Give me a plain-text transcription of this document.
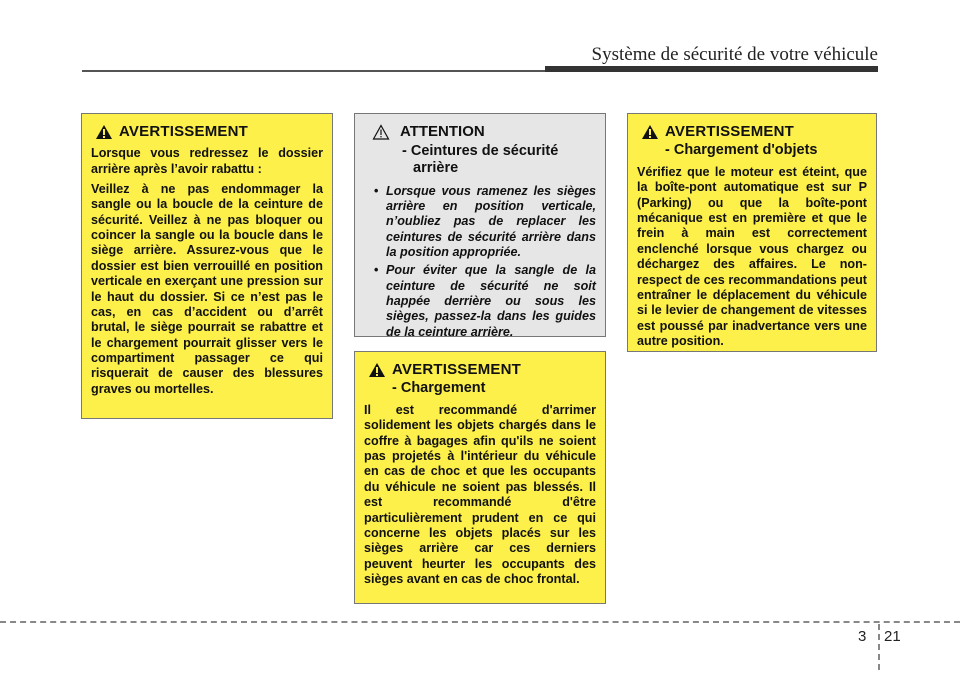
Système de sécurité de votre véhicule
AVERTISSEMENT
Lorsque vous redressez le dossier arrière après l’avoir rabattu :
Veillez à ne pas endommager la sangle ou la boucle de la ceinture de sécurité. Veillez à ne pas bloquer ou coincer la sangle ou la boucle dans le siège arrière. Assurez-vous que le dossier est bien verrouillé en position verticale en exerçant une pression sur le haut du dossier. Si ce n’est pas le cas, en cas d’accident ou d’arrêt brutal, le siège pourrait se rabattre et le chargement pourrait glisser vers le compartiment passager ce qui risquerait de causer des blessures graves ou mortelles.
ATTENTION
- Ceintures de sécurité
arrière
• Lorsque vous ramenez les sièges arrière en position verticale, n’oubliez pas de replacer les ceintures de sécurité arrière dans la position appropriée.
• Pour éviter que la sangle de la ceinture de sécurité ne soit happée derrière ou sous les sièges, passez-la dans les guides de la ceinture arrière.
AVERTISSEMENT
- Chargement
Il est recommandé d'arrimer solidement les objets chargés dans le coffre à bagages afin qu'ils ne soient pas projetés à l'intérieur du véhicule en cas de choc et que les occupants du véhicule ne soient pas blessés. Il est recommandé d'être particulièrement prudent en ce qui concerne les objets placés sur les sièges arrière car ces derniers peuvent heurter les occupants des sièges avant en cas de choc frontal.
AVERTISSEMENT
- Chargement d'objets
Vérifiez que le moteur est éteint, que la boîte-pont automatique est sur P (Parking) ou que la boîte-pont mécanique est en première et que le frein à main est correctement enclenché lorsque vous chargez ou déchargez des affaires. Le non-respect de ces recommandations peut entraîner le déplacement du véhicule si le levier de changement de vitesses est poussé par inadvertance vers une autre position.
3 21
